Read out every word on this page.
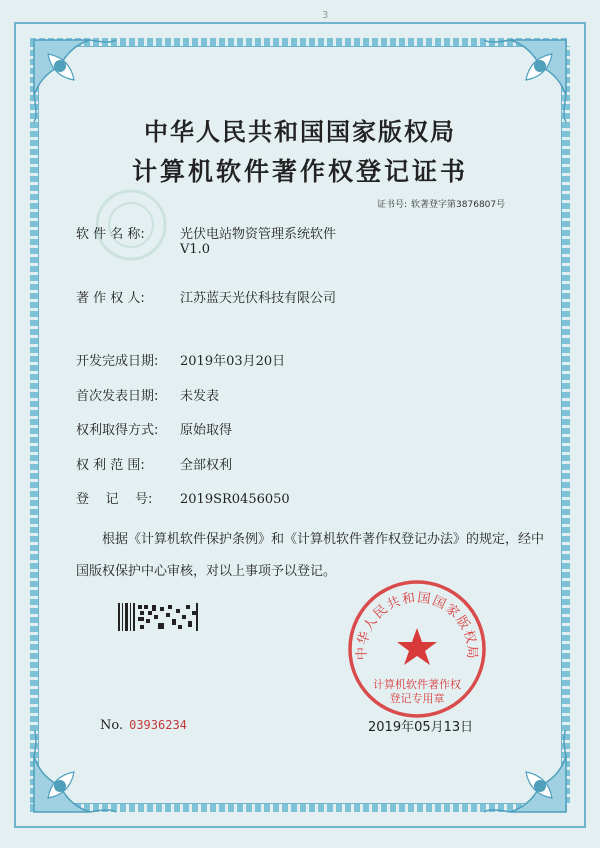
3
中华人民共和国国家版权局
计算机软件著作权登记证书
证书号: 软著登字第3876807号
软 件 名 称:	光伏电站物资管理系统软件
V1.0
著 作 权 人:	江苏蓝天光伏科技有限公司
开发完成日期: 2019年03月20日
首次发表日期: 未发表
权利取得方式: 原始取得
权 利 范 围:	全部权利
登    记    号: 2019SR0456050
根据《计算机软件保护条例》和《计算机软件著作权登记办法》的规定，经中国版权保护中心审核，对以上事项予以登记。
中华人民共和国国家版权局
计算机软件著作权
登记专用章
No. 03936234	2019年05月13日
